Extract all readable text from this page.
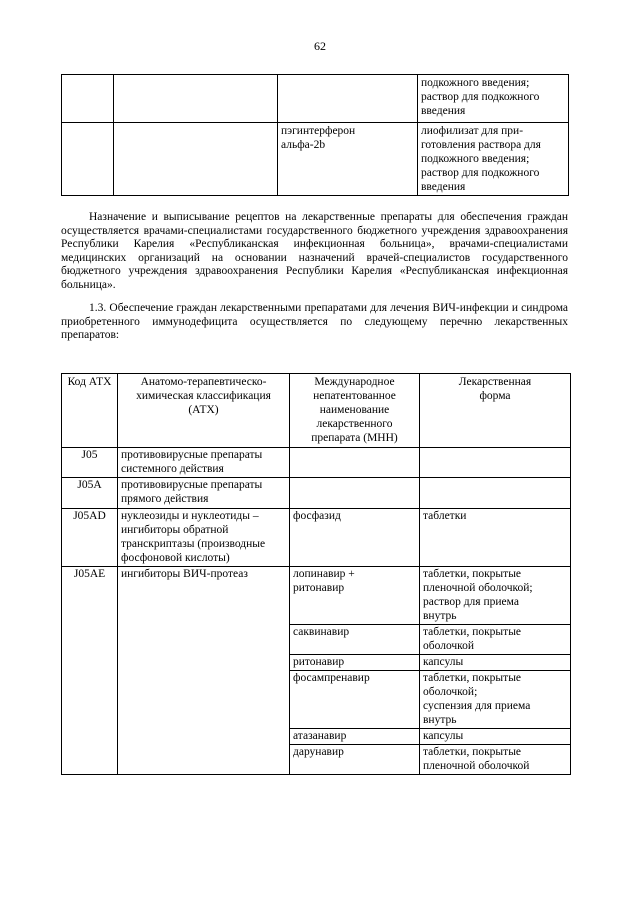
62
			подкожного введения;
раствор для подкожного
введения
		пэгинтерферон
альфа-2b	лиофилизат для при-
готовления раствора для
подкожного введения;
раствор для подкожного
введения

Назначение и выписывание рецептов на лекарственные препараты для обеспечения граждан осуществляется врачами-специалистами государственного бюджетного учреждения здравоохранения Республики Карелия «Республиканская инфекционная больница», врачами-специалистами медицинских организаций на основании назначений врачей-специалистов государственного бюджетного учреждения здравоохранения Республики Карелия «Республиканская инфекционная больница».

1.3. Обеспечение граждан лекарственными препаратами для лечения ВИЧ-инфекции и синдрома приобретенного иммунодефицита осуществляется по следующему перечню лекарственных препаратов:

Код АТХ	Анатомо-терапевтическо-
химическая классификация
(АТХ)	Международное
непатентованное
наименование
лекарственного
препарата (МНН)	Лекарственная
форма
J05	противовирусные препараты
системного действия		
J05A	противовирусные препараты
прямого действия		
J05AD	нуклеозиды и нуклеотиды –
ингибиторы обратной
транскриптазы (производные
фосфоновой кислоты)	фосфазид	таблетки
J05AE	ингибиторы ВИЧ-протеаз	лопинавир +
ритонавир	таблетки, покрытые
пленочной оболочкой;
раствор для приема
внутрь
		саквинавир	таблетки, покрытые
оболочкой
		ритонавир	капсулы
		фосампренавир	таблетки, покрытые
оболочкой;
суспензия для приема
внутрь
		атазанавир	капсулы
		дарунавир	таблетки, покрытые
пленочной оболочкой
